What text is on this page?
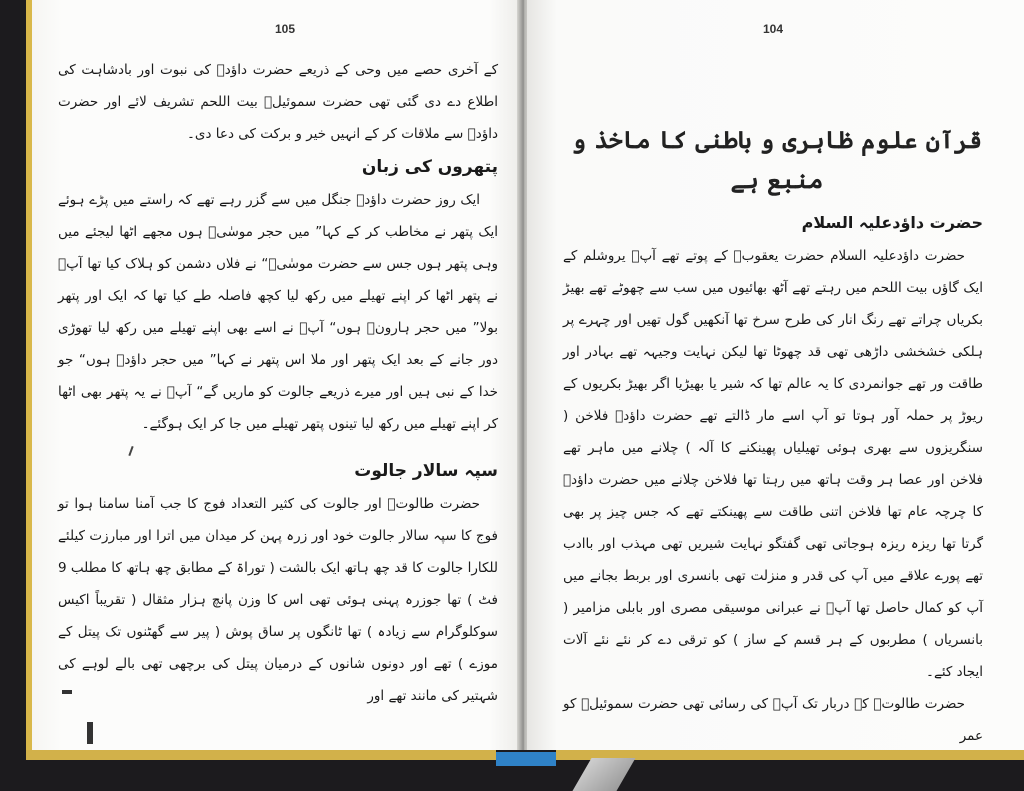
105

کے آخری حصے میں وحی کے ذریعے حضرت داؤدؑ کی نبوت اور بادشاہت کی اطلاع دے دی گئی تھی حضرت سموئیلؑ بیت اللحم تشریف لائے اور حضرت داؤدؑ سے ملاقات کر کے انہیں خیر و برکت کی دعا دی۔

پتھروں کی زبان

ایک روز حضرت داؤدؑ جنگل میں سے گزر رہے تھے کہ راستے میں پڑے ہوئے ایک پتھر نے مخاطب کر کے کہا” میں حجر موسٰیؑ ہوں مجھے اٹھا لیجئے میں وہی پتھر ہوں جس سے حضرت موسٰیؑ“ نے فلاں دشمن کو ہلاک کیا تھا آپؑ نے پتھر اٹھا کر اپنے تھیلے میں رکھ لیا کچھ فاصلہ طے کیا تھا کہ ایک اور پتھر بولا” میں حجر ہارونؑ ہوں“ آپؑ نے اسے بھی اپنے تھیلے میں رکھ لیا تھوڑی دور جانے کے بعد ایک پتھر اور ملا اس پتھر نے کہا” میں حجر داؤدؑ ہوں“ جو خدا کے نبی ہیں اور میرے ذریعے جالوت کو ماریں گے“ آپؑ نے یہ پتھر بھی اٹھا کر اپنے تھیلے میں رکھ لیا تینوں پتھر تھیلے میں جا کر ایک ہوگئے۔

سپہ سالار جالوت

حضرت طالوتؑ اور جالوت کی کثیر التعداد فوج کا جب آمنا سامنا ہوا تو فوج کا سپہ سالار جالوت خود اور زرہ پہن کر میدان میں اترا اور مبارزت کیلئے للکارا جالوت کا قد چھ ہاتھ ایک بالشت ( توراۃ کے مطابق چھ ہاتھ کا مطلب 9 فٹ ) تھا جوزرہ پہنی ہوئی تھی اس کا وزن پانچ ہزار مثقال ( تقریباً اکیس سوکلوگرام سے زیادہ ) تھا ٹانگوں پر ساق پوش ( پیر سے گھٹنوں تک پیتل کے موزے ) تھے اور دونوں شانوں کے درمیان پیتل کی برچھی تھی بالے لوہے کی شہتیر کی مانند تھے اور

104
قرآن علوم ظاہری و باطنی کا ماخذ و منبع ہے

حضرت داؤدعلیہ السلام

حضرت داؤدعلیہ السلام حضرت یعقوبؑ کے پوتے تھے آپؑ یروشلم کے ایک گاؤں بیت اللحم میں رہتے تھے آٹھ بھائیوں میں سب سے چھوٹے تھے بھیڑ بکریاں چراتے تھے رنگ انار کی طرح سرخ تھا آنکھیں گول تھیں اور چہرے پر ہلکی خشخشی داڑھی تھی قد چھوٹا تھا لیکن نہایت وجیہہ تھے بہادر اور طاقت ور تھے جوانمردی کا یہ عالم تھا کہ شیر یا بھیڑیا اگر بھیڑ بکریوں کے ریوڑ پر حملہ آور ہوتا تو آپ اسے مار ڈالتے تھے حضرت داؤدؑ فلاخن ( سنگریزوں سے بھری ہوئی تھیلیاں پھینکنے کا آلہ ) چلانے میں ماہر تھے فلاخن اور عصا ہر وقت ہاتھ میں رہتا تھا فلاخن چلانے میں حضرت داؤدؑ کا چرچہ عام تھا فلاخن اتنی طاقت سے پھینکتے تھے کہ جس چیز پر بھی گرتا تھا ریزہ ریزہ ہوجاتی تھی گفتگو نہایت شیریں تھی مہذب اور باادب تھے پورے علاقے میں آپ کی قدر و منزلت تھی بانسری اور بربط بجانے میں آپ کو کمال حاصل تھا آپؑ نے عبرانی موسیقی مصری اور بابلی مزامیر ( بانسریاں ) مطربوں کے ہر قسم کے ساز ) کو ترقی دے کر نئے نئے آلات ایجاد کئے۔

حضرت طالوتؑ کے دربار تک آپؑ کی رسائی تھی حضرت سموئیلؑ کو عمر
